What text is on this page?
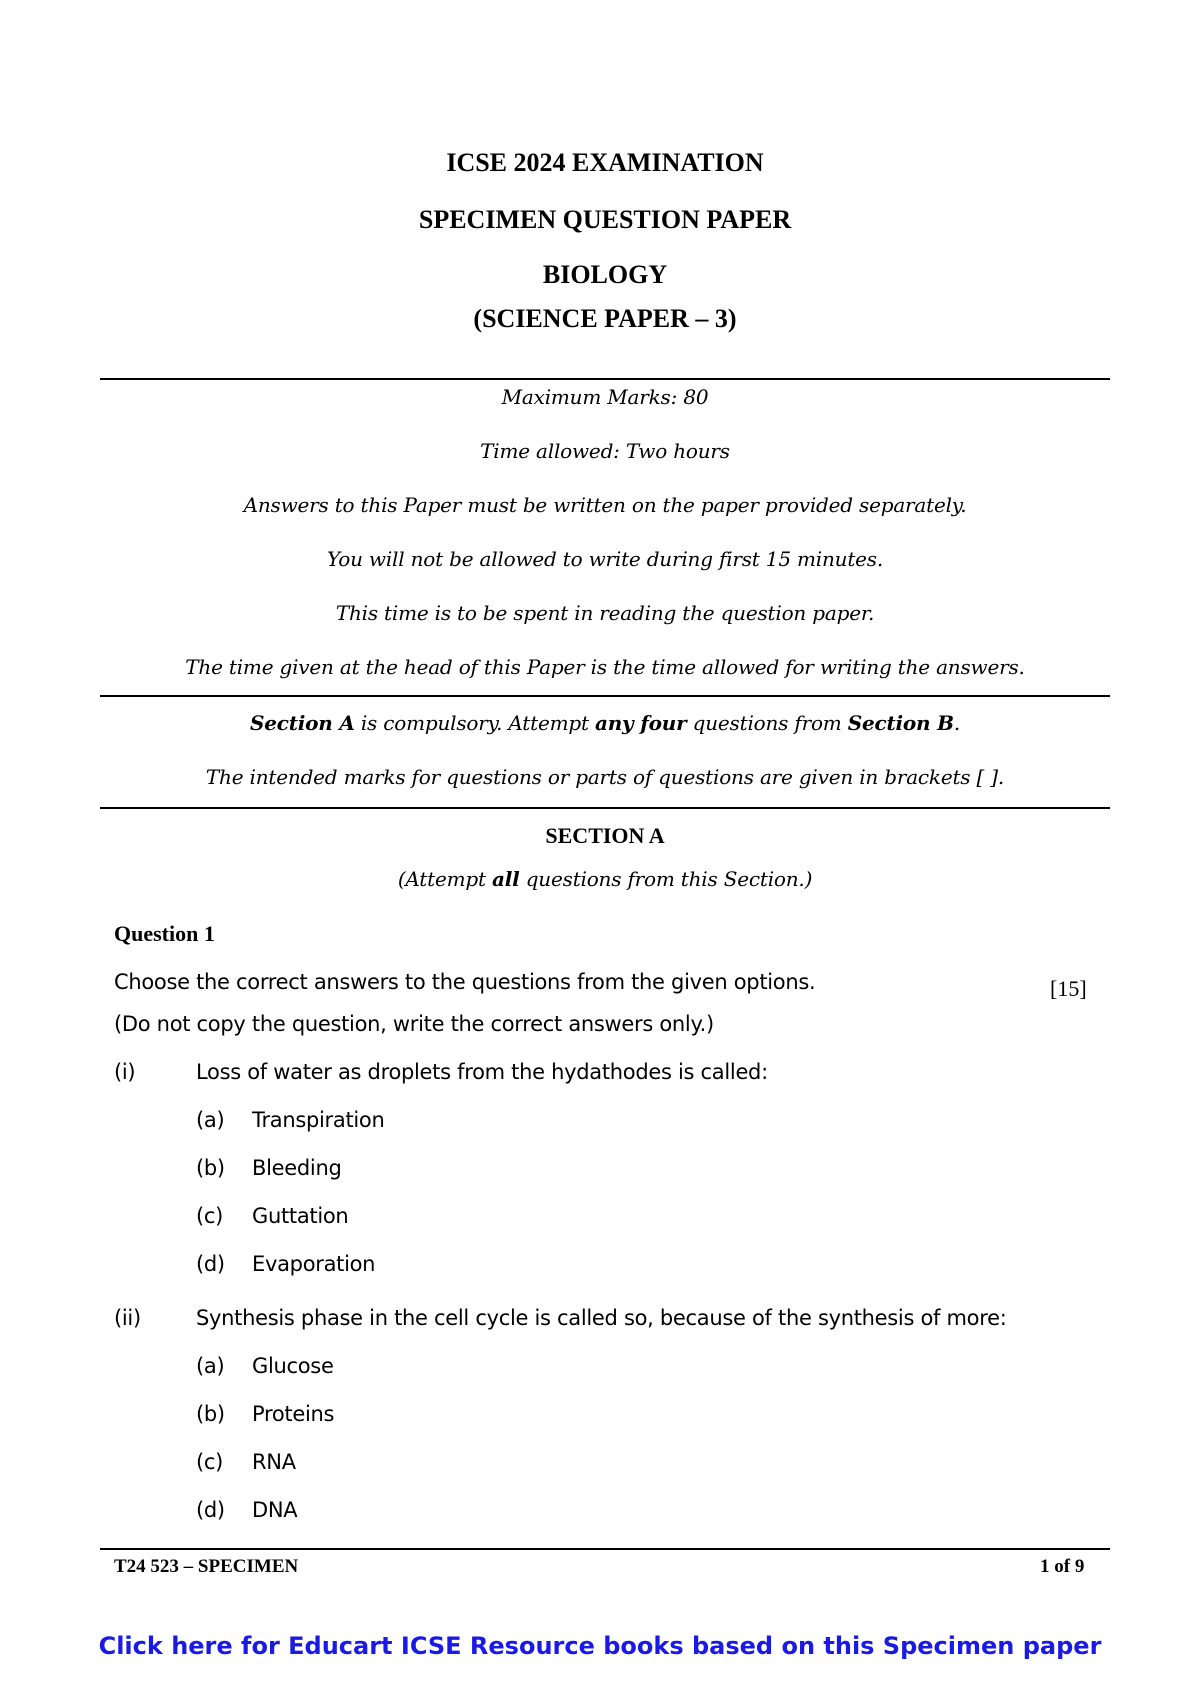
ICSE 2024 EXAMINATION
SPECIMEN QUESTION PAPER
BIOLOGY
(SCIENCE PAPER – 3)
Maximum Marks: 80
Time allowed: Two hours
Answers to this Paper must be written on the paper provided separately.
You will not be allowed to write during first 15 minutes.
This time is to be spent in reading the question paper.
The time given at the head of this Paper is the time allowed for writing the answers.
Section A is compulsory. Attempt any four questions from Section B.
The intended marks for questions or parts of questions are given in brackets [ ].
SECTION A
(Attempt all questions from this Section.)
Question 1
Choose the correct answers to the questions from the given options.	[15]
(Do not copy the question, write the correct answers only.)
(i)	Loss of water as droplets from the hydathodes is called:
(a) Transpiration
(b) Bleeding
(c) Guttation
(d) Evaporation
(ii)	Synthesis phase in the cell cycle is called so, because of the synthesis of more:
(a) Glucose
(b) Proteins
(c) RNA
(d) DNA
T24 523 – SPECIMEN	1 of 9
Click here for Educart ICSE Resource books based on this Specimen paper
